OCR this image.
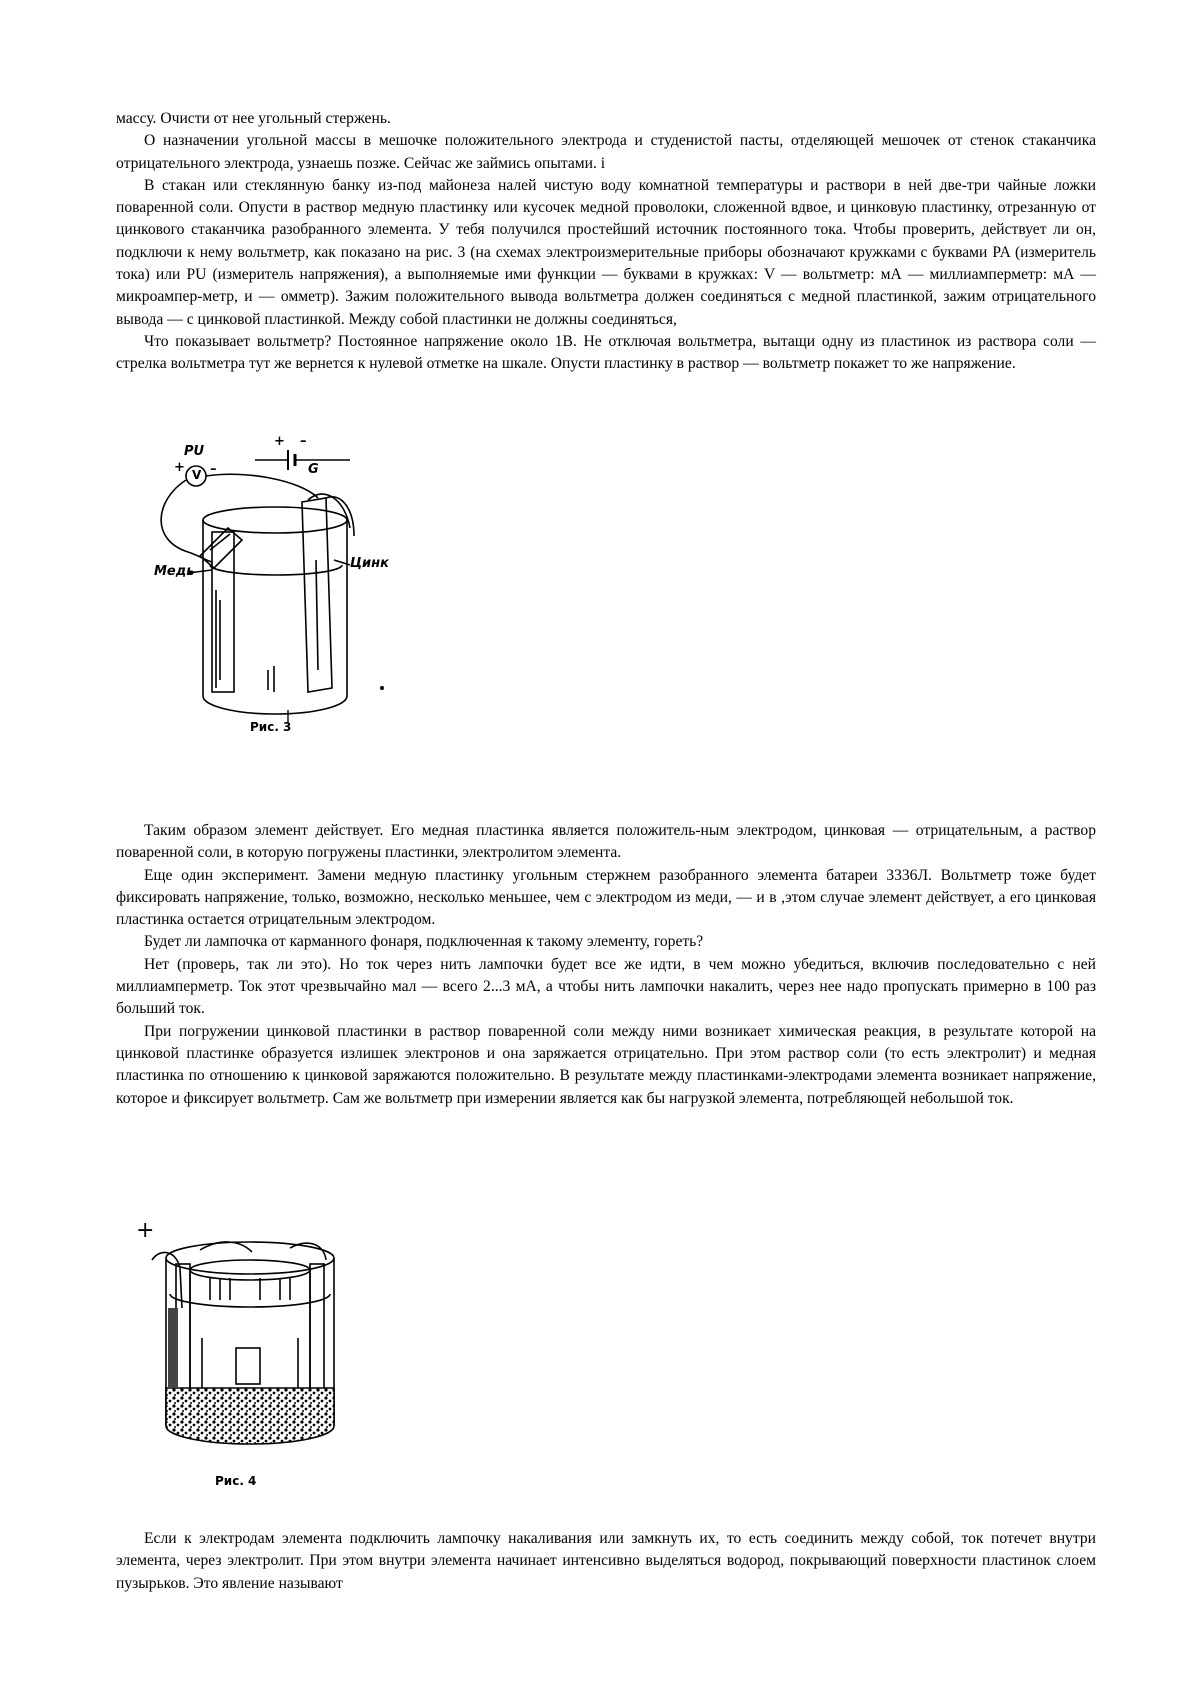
массу. Очисти от нее угольный стержень.

О назначении угольной массы в мешочке положительного электрода и студенистой пасты, отделяющей мешочек от стенок стаканчика отрицательного электрода, узнаешь позже. Сейчас же займись опытами. i

В стакан или стеклянную банку из-под майонеза налей чистую воду комнатной температуры и раствори в ней две-три чайные ложки поваренной соли. Опусти в раствор медную пластинку или кусочек медной проволоки, сложенной вдвое, и цинковую пластинку, отрезанную от цинкового стаканчика разобранного элемента. У тебя получился простейший источник постоянного тока. Чтобы проверить, действует ли он, подключи к нему вольтметр, как показано на рис. 3 (на схемах электроизмерительные приборы обозначают кружками с буквами PA (измеритель тока) или PU (измеритель напряжения), а выполняемые ими функции — буквами в кружках: V — вольтметр: мА — миллиамперметр: мА — микроампер-метр, и — омметр). Зажим положительного вывода вольтметра должен соединяться с медной пластинкой, зажим отрицательного вывода — с цинковой пластинкой. Между собой пластинки не должны соединяться,

Что показывает вольтметр? Постоянное напряжение около 1В. Не отключая вольтметра, вытащи одну из пластинок из раствора соли — стрелка вольтметра тут же вернется к нулевой отметке на шкале. Опусти пластинку в раствор — вольтметр покажет то же напряжение.

PU
V
+ –
+ –
G
Медь
Цинк
Рис. 3

Таким образом элемент действует. Его медная пластинка является положитель-ным электродом, цинковая — отрицательным, а раствор поваренной соли, в которую погружены пластинки, электролитом элемента.

Еще один эксперимент. Замени медную пластинку угольным стержнем разобранного элемента батареи 3336Л. Вольтметр тоже будет фиксировать напряжение, только, возможно, несколько меньшее, чем с электродом из меди, — и в ,этом случае элемент действует, а его цинковая пластинка остается отрицательным электродом.

Будет ли лампочка от карманного фонаря, подключенная к такому элементу, гореть?

Нет (проверь, так ли это). Но ток через нить лампочки будет все же идти, в чем можно убедиться, включив последовательно с ней миллиамперметр. Ток этот чрезвычайно мал — всего 2...3 мА, а чтобы нить лампочки накалить, через нее надо пропускать примерно в 100 раз больший ток.

При погружении цинковой пластинки в раствор поваренной соли между ними возникает химическая реакция, в результате которой на цинковой пластинке образуется излишек электронов и она заряжается отрицательно. При этом раствор соли (то есть электролит) и медная пластинка по отношению к цинковой заряжаются положительно. В результате между пластинками-электродами элемента возникает напряжение, которое и фиксирует вольтметр. Сам же вольтметр при измерении является как бы нагрузкой элемента, потребляющей небольшой ток.

+
Рис. 4

Если к электродам элемента подключить лампочку накаливания или замкнуть их, то есть соединить между собой, ток потечет внутри элемента, через электролит. При этом внутри элемента начинает интенсивно выделяться водород, покрывающий поверхности пластинок слоем пузырьков. Это явление называют
